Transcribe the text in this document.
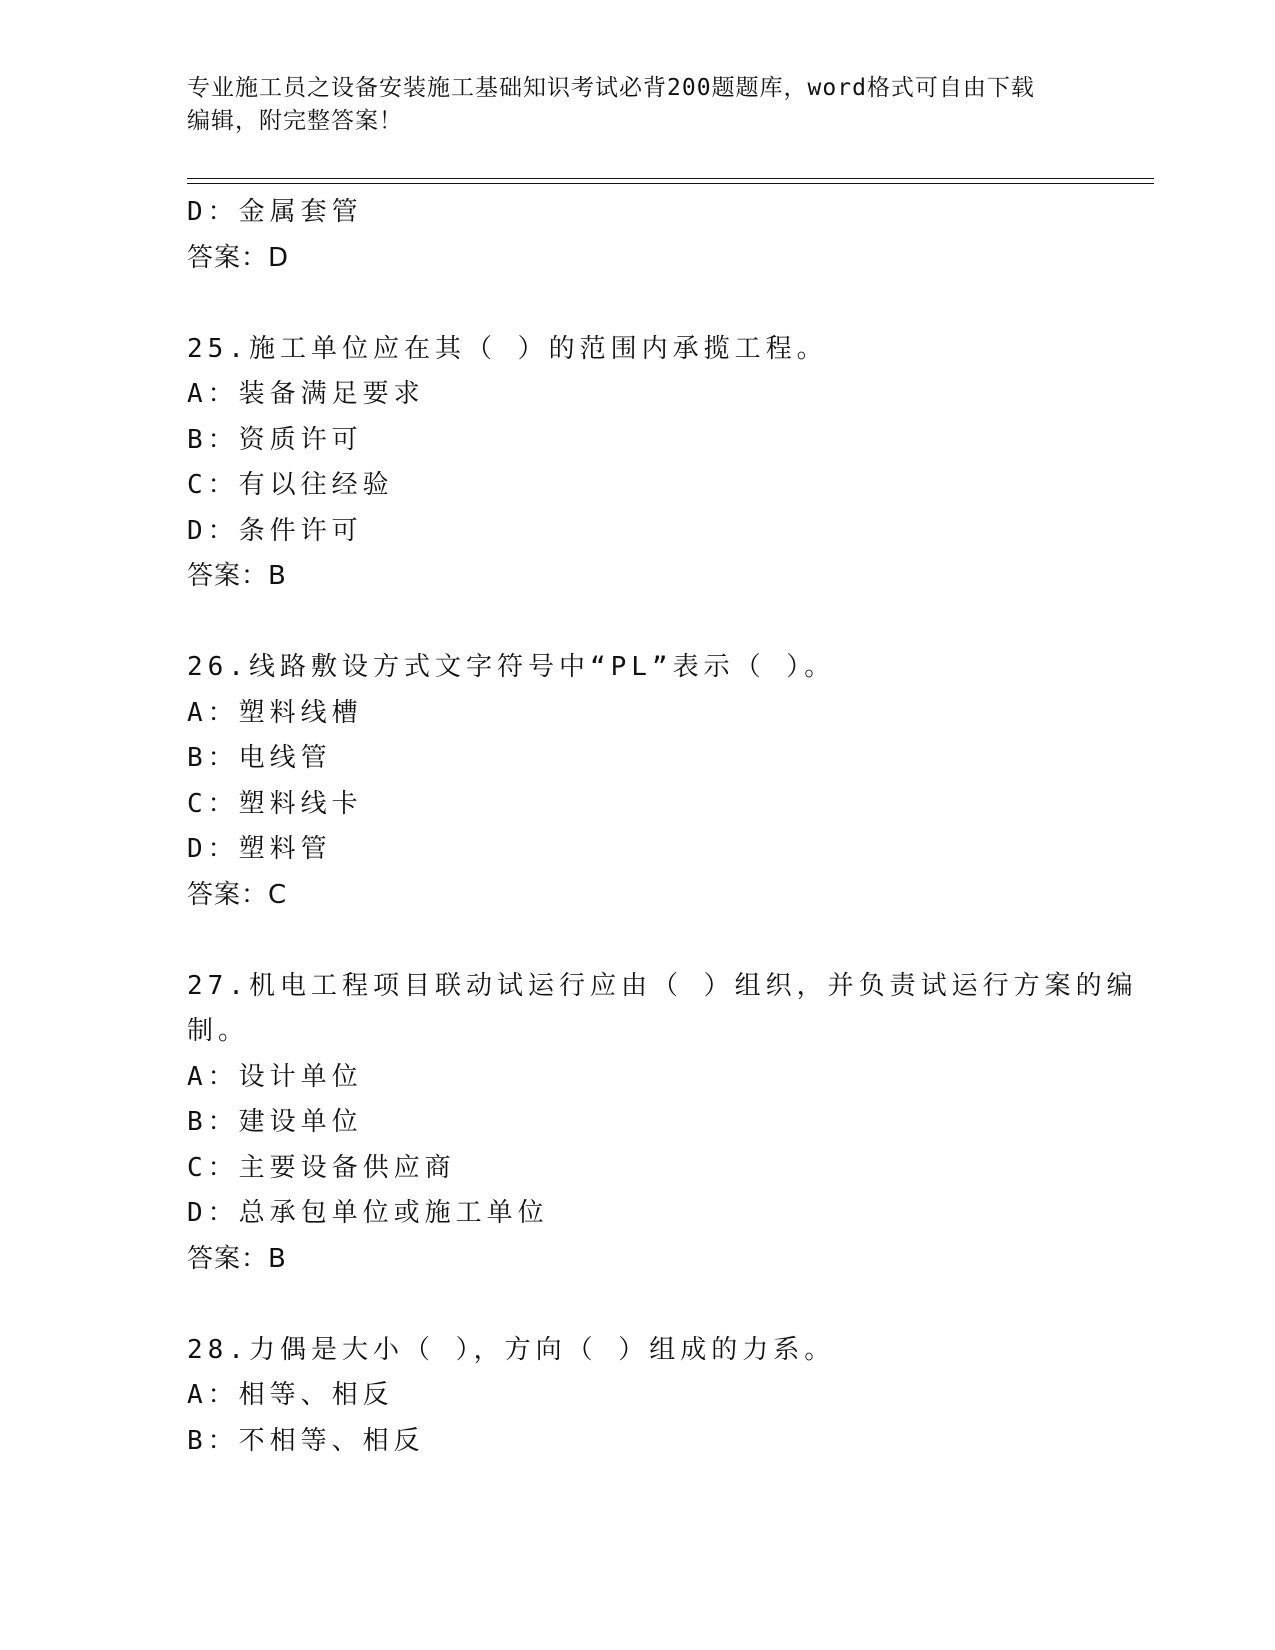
专业施工员之设备安装施工基础知识考试必背200题题库，word格式可自由下载
编辑，附完整答案！
D：金属套管
答案：D
25.施工单位应在其（ ）的范围内承揽工程。
A：装备满足要求
B：资质许可
C：有以往经验
D：条件许可
答案：B
26.线路敷设方式文字符号中“PL”表示（ ）。
A：塑料线槽
B：电线管
C：塑料线卡
D：塑料管
答案：C
27.机电工程项目联动试运行应由（ ）组织，并负责试运行方案的编
制。
A：设计单位
B：建设单位
C：主要设备供应商
D：总承包单位或施工单位
答案：B
28.力偶是大小（ ），方向（ ）组成的力系。
A：相等、相反
B：不相等、相反
